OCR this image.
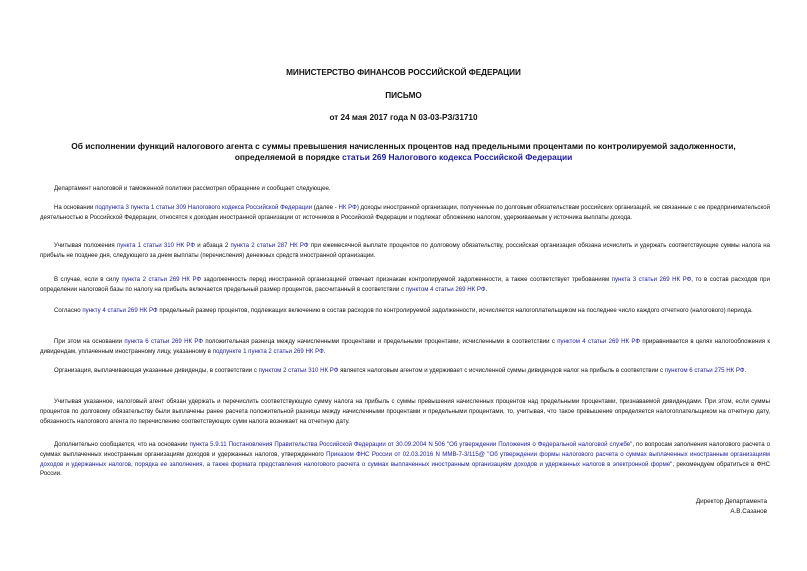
МИНИСТЕРСТВО ФИНАНСОВ РОССИЙСКОЙ ФЕДЕРАЦИИ
ПИСЬМО
от 24 мая 2017 года N 03-03-РЗ/31710
Об исполнении функций налогового агента с суммы превышения начисленных процентов над предельными процентами по контролируемой задолженности, определяемой в порядке статьи 269 Налогового кодекса Российской Федерации

Департамент налоговой и таможенной политики рассмотрел обращение и сообщает следующее.

На основании подпункта 3 пункта 1 статьи 309 Налогового кодекса Российской Федерации (далее - НК РФ) доходы иностранной организации, полученные по долговым обязательствам российских организаций, не связанные с ее предпринимательской деятельностью в Российской Федерации, относятся к доходам иностранной организации от источников в Российской Федерации и подлежат обложению налогом, удерживаемым у источника выплаты дохода.

Учитывая положения пункта 1 статьи 310 НК РФ и абзаца 2 пункта 2 статьи 287 НК РФ при ежемесячной выплате процентов по долговому обязательству, российская организация обязана исчислить и удержать соответствующие суммы налога на прибыль не позднее дня, следующего за днем выплаты (перечисления) денежных средств иностранной организации.

В случае, если в силу пункта 2 статьи 269 НК РФ задолженность перед иностранной организацией отвечает признакам контролируемой задолженности, а также соответствует требованиям пункта 3 статьи 269 НК РФ, то в состав расходов при определении налоговой базы по налогу на прибыль включается предельный размер процентов, рассчитанный в соответствии с пунктом 4 статьи 269 НК РФ.

Согласно пункту 4 статьи 269 НК РФ предельный размер процентов, подлежащих включению в состав расходов по контролируемой задолженности, исчисляется налогоплательщиком на последнее число каждого отчетного (налогового) периода.

При этом на основании пункта 6 статьи 269 НК РФ положительная разница между начисленными процентами и предельными процентами, исчисленными в соответствии с пунктом 4 статьи 269 НК РФ приравнивается в целях налогообложения к дивидендам, уплаченным иностранному лицу, указанному в подпункте 1 пункта 2 статьи 269 НК РФ.

Организация, выплачивающая указанные дивиденды, в соответствии с пунктом 2 статьи 310 НК РФ является налоговым агентом и удерживает с исчисленной суммы дивидендов налог на прибыль в соответствии с пунктом 6 статьи 275 НК РФ.

Учитывая указанное, налоговый агент обязан удержать и перечислить соответствующую сумму налога на прибыль с суммы превышения начисленных процентов над предельными процентами, признаваемой дивидендами. При этом, если суммы процентов по долговому обязательству были выплачены ранее расчета положительной разницы между начисленными процентами и предельными процентами, то, учитывая, что такое превышение определяется налогоплательщиком на отчетную дату, обязанность налогового агента по перечислению соответствующих сумм налога возникает на отчетную дату.

Дополнительно сообщается, что на основании пункта 5.9.11 Постановления Правительства Российской Федерации от 30.09.2004 N 506 "Об утверждении Положения о Федеральной налоговой службе", по вопросам заполнения налогового расчета о суммах выплаченных иностранным организациям доходов и удержанных налогов, утвержденного Приказом ФНС России от 02.03.2016 N ММВ-7-3/115@ "Об утверждении формы налогового расчета о суммах выплаченных иностранным организациям доходов и удержанных налогов, порядка ее заполнения, а также формата представления налогового расчета о суммах выплаченных иностранным организациям доходов и удержанных налогов в электронной форме", рекомендуем обратиться в ФНС России.

Директор Департамента
А.В.Сазанов
